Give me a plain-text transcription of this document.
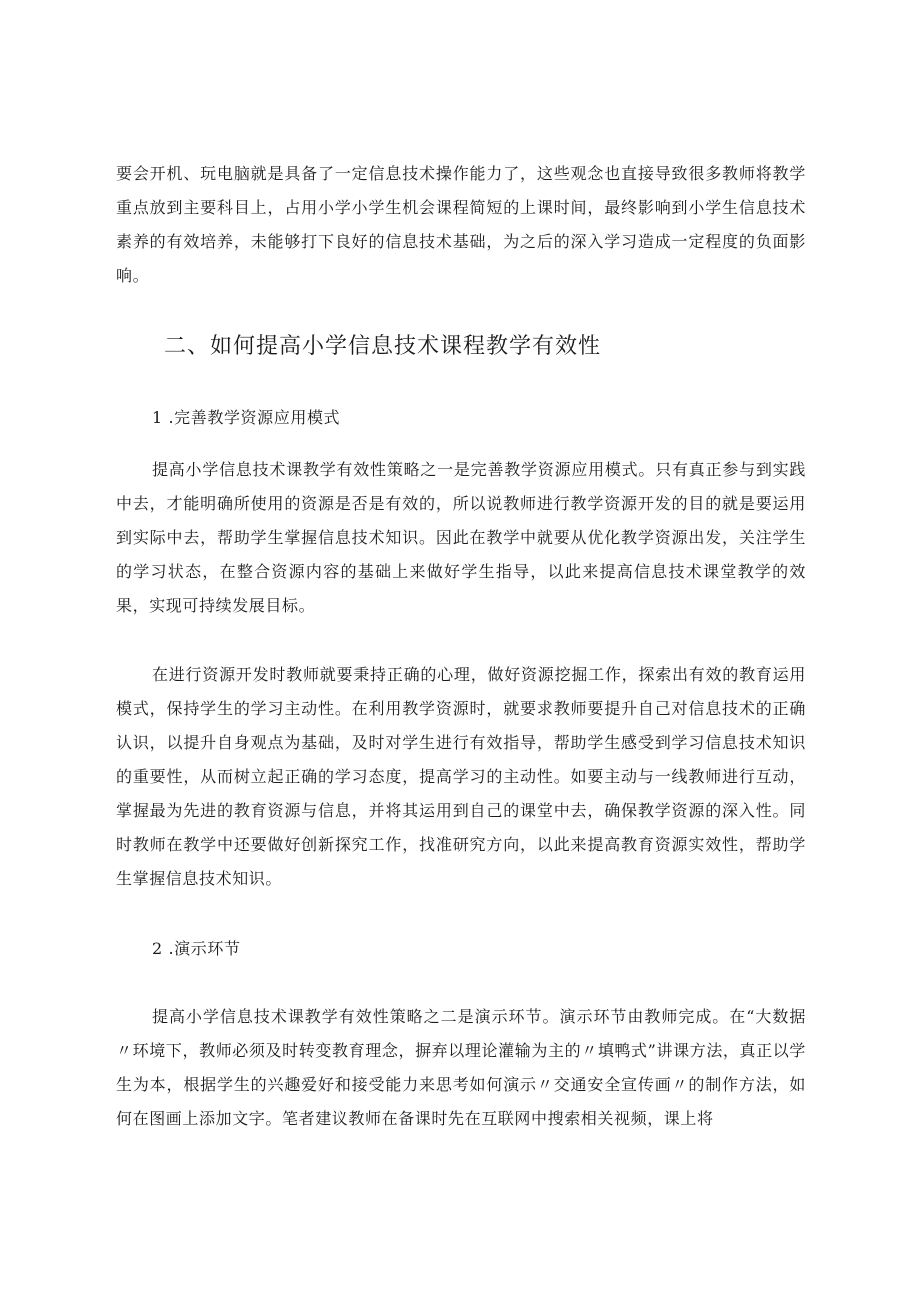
要会开机、玩电脑就是具备了一定信息技术操作能力了，这些观念也直接导致很多教师将教学重点放到主要科目上，占用小学小学生机会课程简短的上课时间，最终影响到小学生信息技术素养的有效培养，未能够打下良好的信息技术基础，为之后的深入学习造成一定程度的负面影响。

二、如何提高小学信息技术课程教学有效性
1 .完善教学资源应用模式

提高小学信息技术课教学有效性策略之一是完善教学资源应用模式。只有真正参与到实践中去，才能明确所使用的资源是否是有效的，所以说教师进行教学资源开发的目的就是要运用到实际中去，帮助学生掌握信息技术知识。因此在教学中就要从优化教学资源出发，关注学生的学习状态，在整合资源内容的基础上来做好学生指导，以此来提高信息技术课堂教学的效果，实现可持续发展目标。

在进行资源开发时教师就要秉持正确的心理，做好资源挖掘工作，探索出有效的教育运用模式，保持学生的学习主动性。在利用教学资源时，就要求教师要提升自己对信息技术的正确认识，以提升自身观点为基础，及时对学生进行有效指导，帮助学生感受到学习信息技术知识的重要性，从而树立起正确的学习态度，提高学习的主动性。如要主动与一线教师进行互动，掌握最为先进的教育资源与信息，并将其运用到自己的课堂中去，确保教学资源的深入性。同时教师在教学中还要做好创新探究工作，找准研究方向，以此来提高教育资源实效性，帮助学生掌握信息技术知识。

2 .演示环节

提高小学信息技术课教学有效性策略之二是演示环节。演示环节由教师完成。在“大数据〃环境下，教师必须及时转变教育理念，摒弃以理论灌输为主的〃填鸭式”讲课方法，真正以学生为本，根据学生的兴趣爱好和接受能力来思考如何演示〃交通安全宣传画〃的制作方法，如何在图画上添加文字。笔者建议教师在备课时先在互联网中搜索相关视频，课上将
